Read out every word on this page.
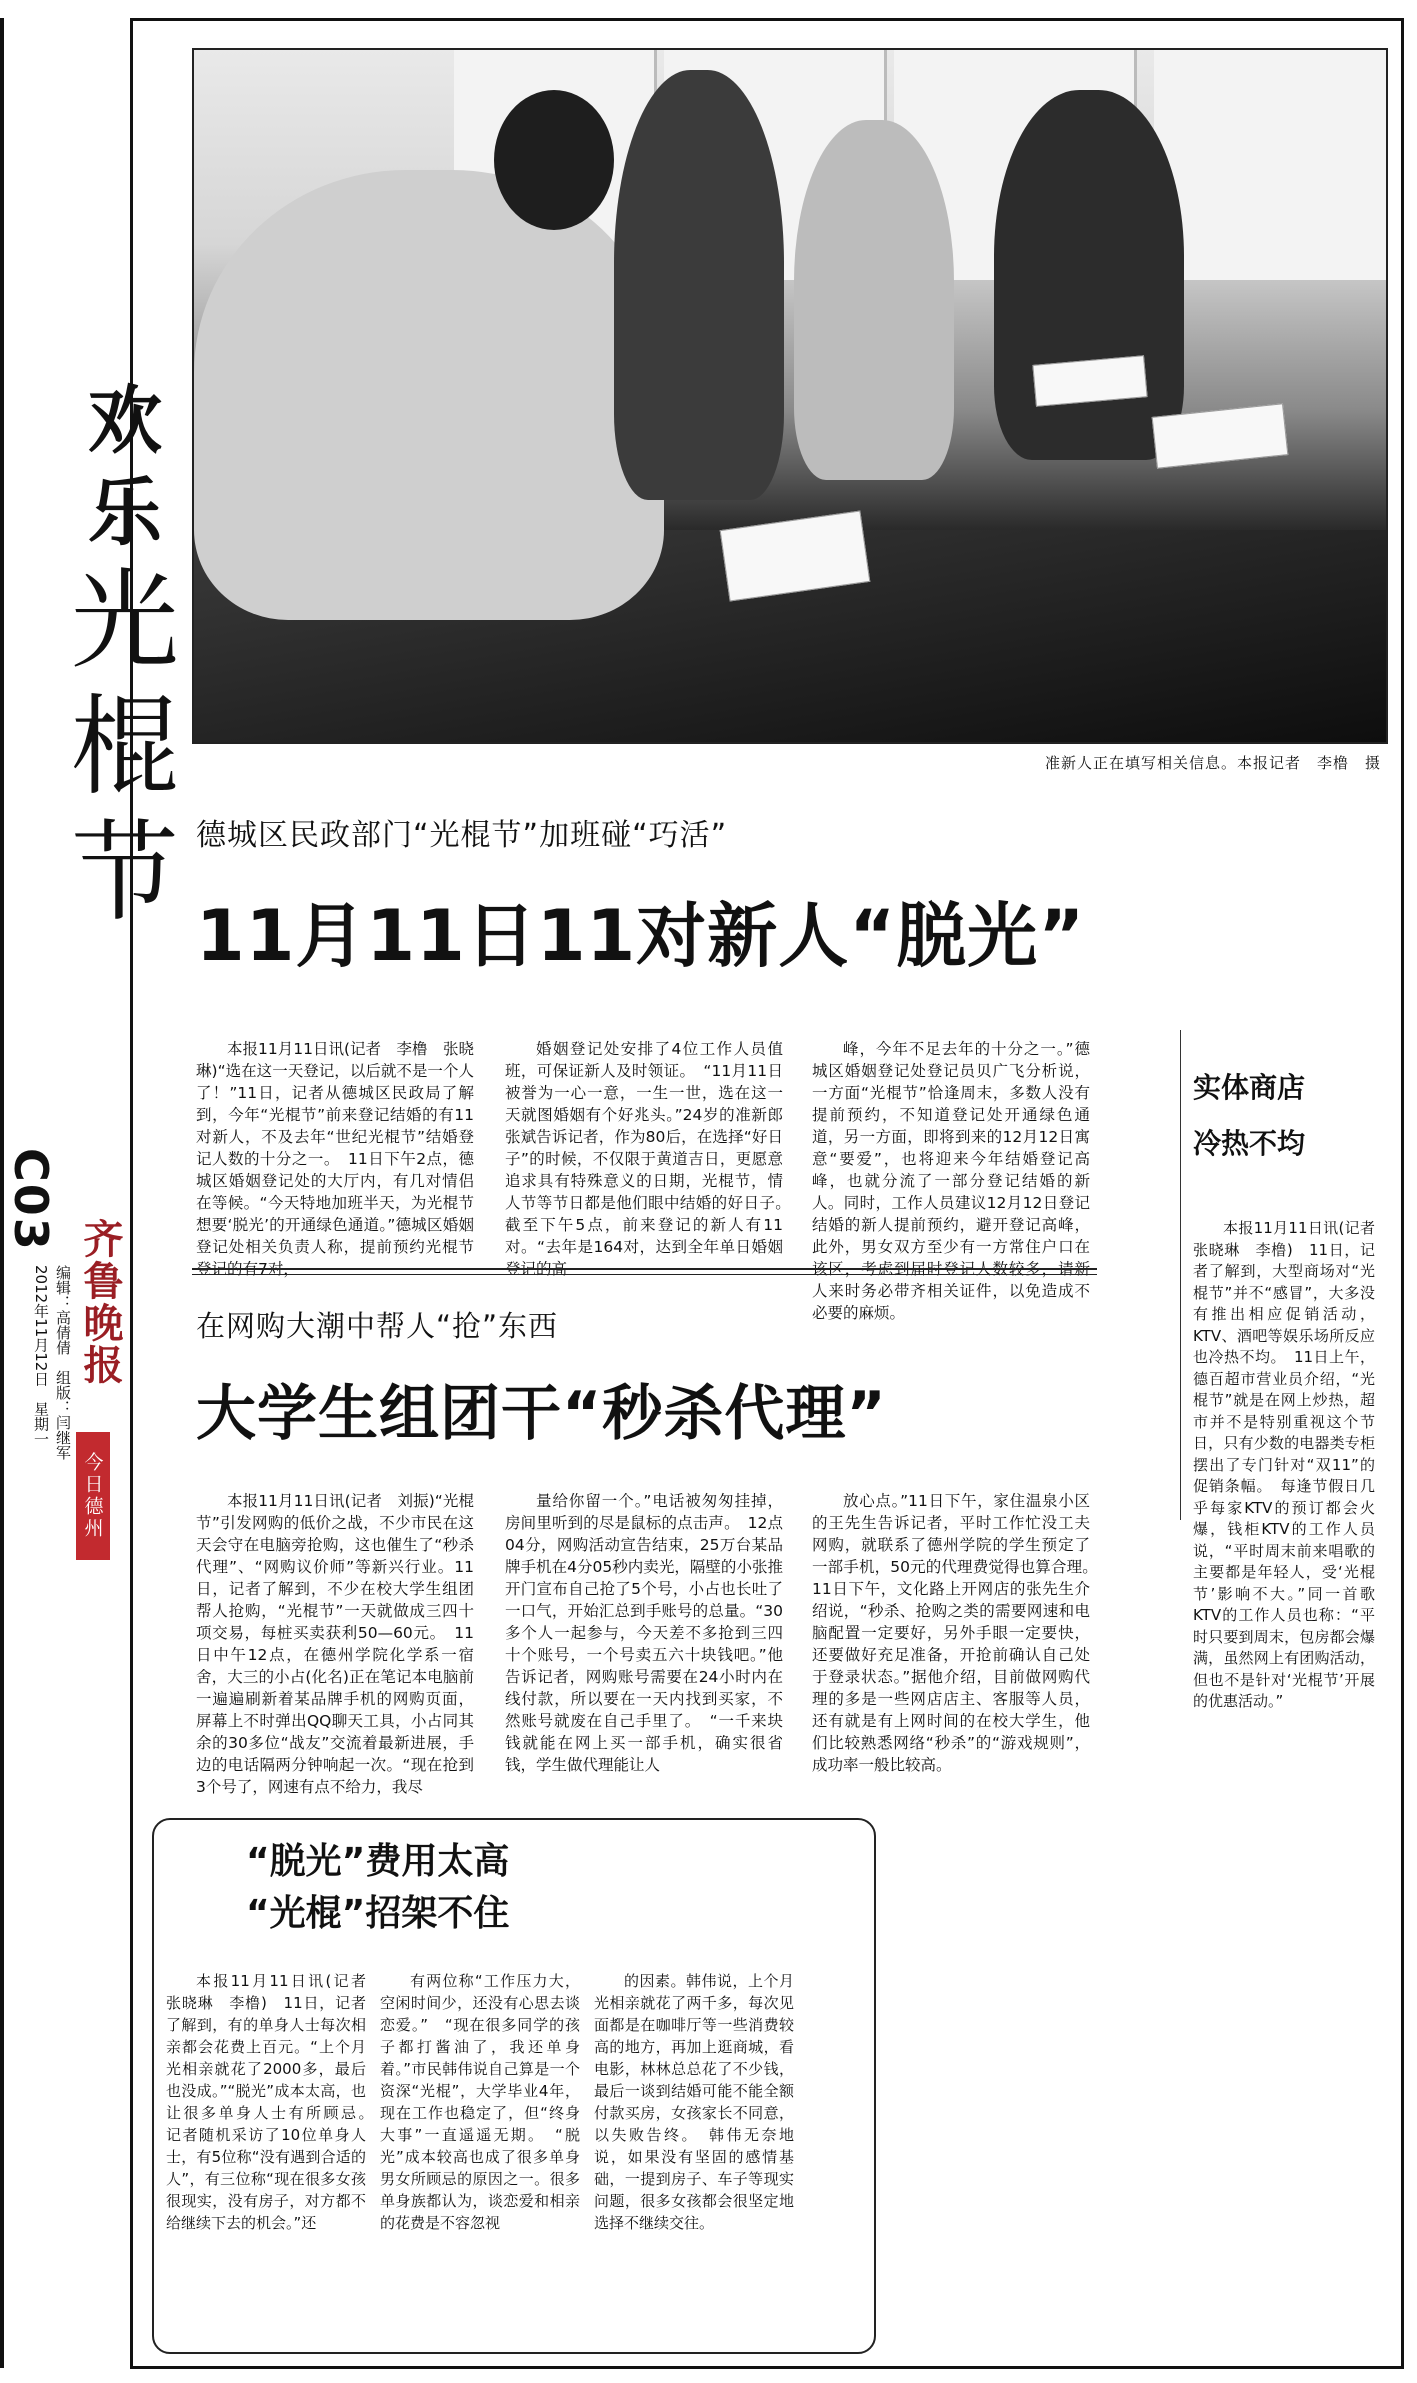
欢
乐
光
棍
节
C03
编辑：高倩倩　组版：闫继军
2012年11月12日　星期一 齐鲁晚报
今日德州
准新人正在填写相关信息。本报记者　李橹　摄
德城区民政部门“光棍节”加班碰“巧活”
11月11日11对新人“脱光”

本报11月11日讯(记者　李橹　张晓琳)“选在这一天登记，以后就不是一个人了！”11日，记者从德城区民政局了解到，今年“光棍节”前来登记结婚的有11对新人，不及去年“世纪光棍节”结婚登记人数的十分之一。　11日下午2点，德城区婚姻登记处的大厅内，有几对情侣在等候。“今天特地加班半天，为光棍节想要‘脱光’的开通绿色通道。”德城区婚姻登记处相关负责人称，提前预约光棍节登记的有7对，

婚姻登记处安排了4位工作人员值班，可保证新人及时领证。　“11月11日被誉为一心一意，一生一世，选在这一天就图婚姻有个好兆头。”24岁的准新郎张斌告诉记者，作为80后，在选择“好日子”的时候，不仅限于黄道吉日，更愿意追求具有特殊意义的日期，光棍节，情人节等节日都是他们眼中结婚的好日子。　截至下午5点，前来登记的新人有11对。“去年是164对，达到全年单日婚姻登记的高

峰，今年不足去年的十分之一。”德城区婚姻登记处登记员贝广飞分析说，一方面“光棍节”恰逢周末，多数人没有提前预约，不知道登记处开通绿色通道，另一方面，即将到来的12月12日寓意“要爱”，也将迎来今年结婚登记高峰，也就分流了一部分登记结婚的新人。同时，工作人员建议12月12日登记结婚的新人提前预约，避开登记高峰，此外，男女双方至少有一方常住户口在该区，考虑到届时登记人数较多，请新人来时务必带齐相关证件，以免造成不必要的麻烦。

在网购大潮中帮人“抢”东西
大学生组团干“秒杀代理”

本报11月11日讯(记者　刘振)“光棍节”引发网购的低价之战，不少市民在这天会守在电脑旁抢购，这也催生了“秒杀代理”、“网购议价师”等新兴行业。11日，记者了解到，不少在校大学生组团帮人抢购，“光棍节”一天就做成三四十项交易，每桩买卖获利50—60元。　11日中午12点，在德州学院化学系一宿舍，大三的小占(化名)正在笔记本电脑前一遍遍刷新着某品牌手机的网购页面，屏幕上不时弹出QQ聊天工具，小占同其余的30多位“战友”交流着最新进展，手边的电话隔两分钟响起一次。“现在抢到3个号了，网速有点不给力，我尽

量给你留一个。”电话被匆匆挂掉，房间里听到的尽是鼠标的点击声。　12点04分，网购活动宣告结束，25万台某品牌手机在4分05秒内卖光，隔壁的小张推开门宣布自己抢了5个号，小占也长吐了一口气，开始汇总到手账号的总量。“30多个人一起参与，今天差不多抢到三四十个账号，一个号卖五六十块钱吧。”他告诉记者，网购账号需要在24小时内在线付款，所以要在一天内找到买家，不然账号就废在自己手里了。　“一千来块钱就能在网上买一部手机，确实很省钱，学生做代理能让人

放心点。”11日下午，家住温泉小区的王先生告诉记者，平时工作忙没工夫网购，就联系了德州学院的学生预定了一部手机，50元的代理费觉得也算合理。　11日下午，文化路上开网店的张先生介绍说，“秒杀、抢购之类的需要网速和电脑配置一定要好，另外手眼一定要快，还要做好充足准备，开抢前确认自己处于登录状态。”据他介绍，目前做网购代理的多是一些网店店主、客服等人员，还有就是有上网时间的在校大学生，他们比较熟悉网络“秒杀”的“游戏规则”，成功率一般比较高。

“脱光”费用太高
“光棍”招架不住

本报11月11日讯(记者　张晓琳　李橹)　11日，记者了解到，有的单身人士每次相亲都会花费上百元。“上个月光相亲就花了2000多，最后也没成。”“脱光”成本太高，也让很多单身人士有所顾忌。　记者随机采访了10位单身人士，有5位称“没有遇到合适的人”，有三位称“现在很多女孩很现实，没有房子，对方都不给继续下去的机会。”还

有两位称“工作压力大，空闲时间少，还没有心思去谈恋爱。”　“现在很多同学的孩子都打酱油了，我还单身着。”市民韩伟说自己算是一个资深“光棍”，大学毕业4年，现在工作也稳定了，但“终身大事”一直遥遥无期。　“脱光”成本较高也成了很多单身男女所顾忌的原因之一。很多单身族都认为，谈恋爱和相亲的花费是不容忽视

的因素。韩伟说，上个月光相亲就花了两千多，每次见面都是在咖啡厅等一些消费较高的地方，再加上逛商城，看电影，林林总总花了不少钱，最后一谈到结婚可能不能全额付款买房，女孩家长不同意，以失败告终。　韩伟无奈地说，如果没有坚固的感情基础，一提到房子、车子等现实问题，很多女孩都会很坚定地选择不继续交往。

实体商店
冷热不均

本报11月11日讯(记者　张晓琳　李橹)　11日，记者了解到，大型商场对“光棍节”并不“感冒”，大多没有推出相应促销活动，KTV、酒吧等娱乐场所反应也冷热不均。　11日上午，德百超市营业员介绍，“光棍节”就是在网上炒热，超市并不是特别重视这个节日，只有少数的电器类专柜摆出了专门针对“双11”的促销条幅。　每逢节假日几乎每家KTV的预订都会火爆，钱柜KTV的工作人员说，“平时周末前来唱歌的主要都是年轻人，受‘光棍节’影响不大。”同一首歌KTV的工作人员也称：“平时只要到周末，包房都会爆满，虽然网上有团购活动，但也不是针对‘光棍节’开展的优惠活动。”
